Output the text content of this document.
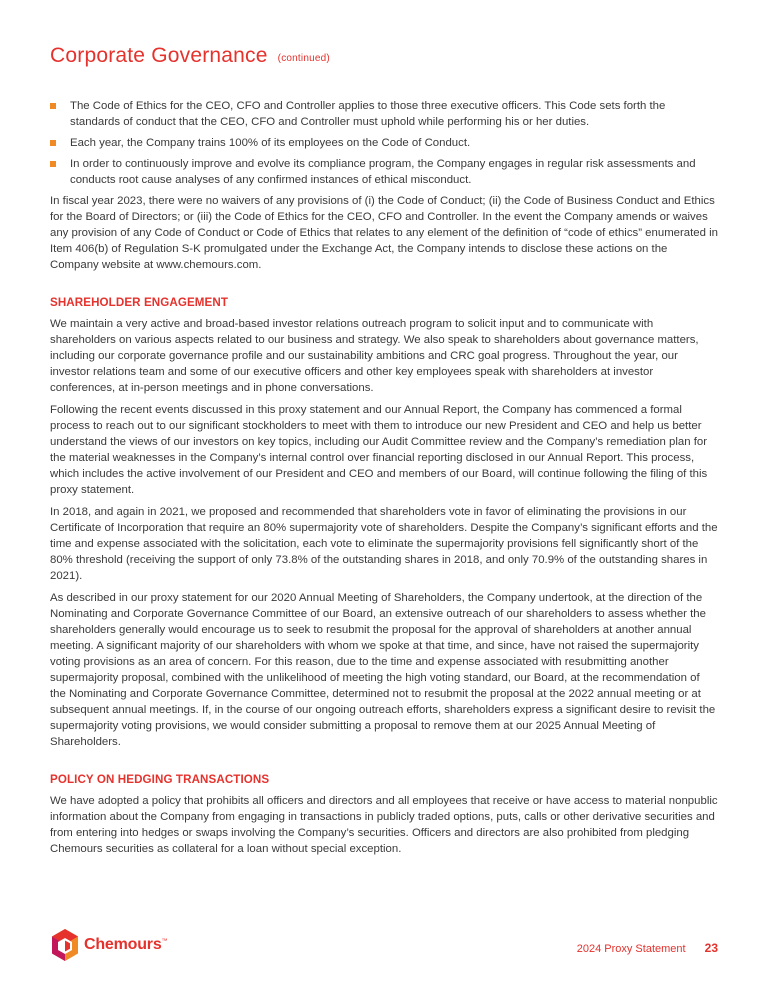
Corporate Governance (continued)
The Code of Ethics for the CEO, CFO and Controller applies to those three executive officers. This Code sets forth the standards of conduct that the CEO, CFO and Controller must uphold while performing his or her duties.
Each year, the Company trains 100% of its employees on the Code of Conduct.
In order to continuously improve and evolve its compliance program, the Company engages in regular risk assessments and conducts root cause analyses of any confirmed instances of ethical misconduct.

In fiscal year 2023, there were no waivers of any provisions of (i) the Code of Conduct; (ii) the Code of Business Conduct and Ethics for the Board of Directors; or (iii) the Code of Ethics for the CEO, CFO and Controller. In the event the Company amends or waives any provision of any Code of Conduct or Code of Ethics that relates to any element of the definition of “code of ethics” enumerated in Item 406(b) of Regulation S-K promulgated under the Exchange Act, the Company intends to disclose these actions on the Company website at www.chemours.com.

SHAREHOLDER ENGAGEMENT

We maintain a very active and broad-based investor relations outreach program to solicit input and to communicate with shareholders on various aspects related to our business and strategy. We also speak to shareholders about governance matters, including our corporate governance profile and our sustainability ambitions and CRC goal progress. Throughout the year, our investor relations team and some of our executive officers and other key employees speak with shareholders at investor conferences, at in-person meetings and in phone conversations.

Following the recent events discussed in this proxy statement and our Annual Report, the Company has commenced a formal process to reach out to our significant stockholders to meet with them to introduce our new President and CEO and help us better understand the views of our investors on key topics, including our Audit Committee review and the Company’s remediation plan for the material weaknesses in the Company’s internal control over financial reporting disclosed in our Annual Report. This process, which includes the active involvement of our President and CEO and members of our Board, will continue following the filing of this proxy statement.

In 2018, and again in 2021, we proposed and recommended that shareholders vote in favor of eliminating the provisions in our Certificate of Incorporation that require an 80% supermajority vote of shareholders. Despite the Company’s significant efforts and the time and expense associated with the solicitation, each vote to eliminate the supermajority provisions fell significantly short of the 80% threshold (receiving the support of only 73.8% of the outstanding shares in 2018, and only 70.9% of the outstanding shares in 2021).

As described in our proxy statement for our 2020 Annual Meeting of Shareholders, the Company undertook, at the direction of the Nominating and Corporate Governance Committee of our Board, an extensive outreach of our shareholders to assess whether the shareholders generally would encourage us to seek to resubmit the proposal for the approval of shareholders at another annual meeting. A significant majority of our shareholders with whom we spoke at that time, and since, have not raised the supermajority voting provisions as an area of concern. For this reason, due to the time and expense associated with resubmitting another supermajority proposal, combined with the unlikelihood of meeting the high voting standard, our Board, at the recommendation of the Nominating and Corporate Governance Committee, determined not to resubmit the proposal at the 2022 annual meeting or at subsequent annual meetings. If, in the course of our ongoing outreach efforts, shareholders express a significant desire to revisit the supermajority voting provisions, we would consider submitting a proposal to remove them at our 2025 Annual Meeting of Shareholders.

POLICY ON HEDGING TRANSACTIONS

We have adopted a policy that prohibits all officers and directors and all employees that receive or have access to material nonpublic information about the Company from engaging in transactions in publicly traded options, puts, calls or other derivative securities and from entering into hedges or swaps involving the Company’s securities. Officers and directors are also prohibited from pledging Chemours securities as collateral for a loan without special exception.

Chemours™
2024 Proxy Statement 23
